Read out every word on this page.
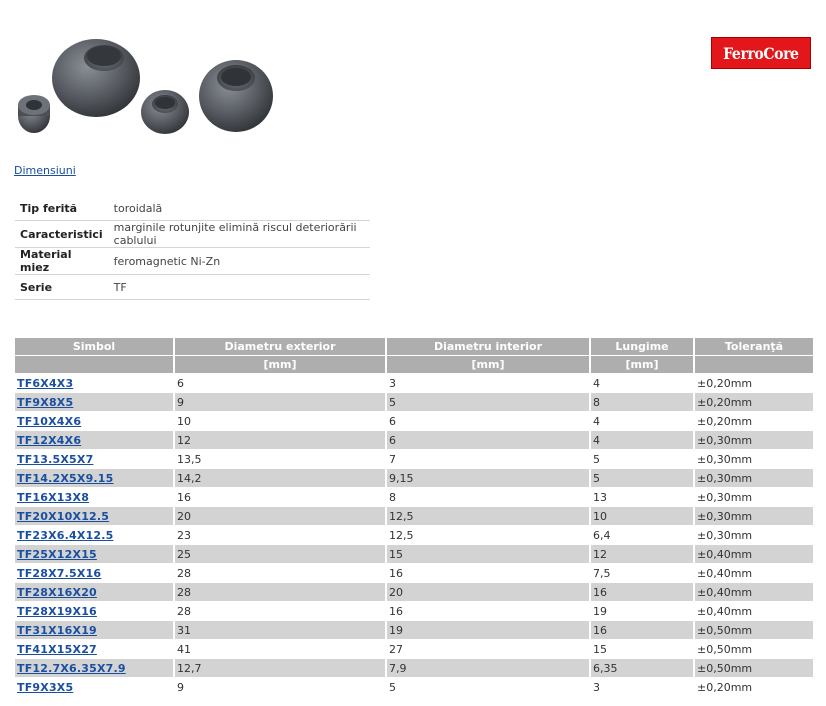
FerroCore
Dimensiuni
Tip ferită	toroidală
Caracteristici	marginile rotunjite elimină riscul deteriorării cablului
Material miez	feromagnetic Ni-Zn
Serie	TF
Simbol	Diametru exterior	Diametru interior	Lungime	Toleranţă
	[mm]	[mm]	[mm]	
TF6X4X3	6	3	4	±0,20mm
TF9X8X5	9	5	8	±0,20mm
TF10X4X6	10	6	4	±0,20mm
TF12X4X6	12	6	4	±0,30mm
TF13.5X5X7	13,5	7	5	±0,30mm
TF14.2X5X9.15	14,2	9,15	5	±0,30mm
TF16X13X8	16	8	13	±0,30mm
TF20X10X12.5	20	12,5	10	±0,30mm
TF23X6.4X12.5	23	12,5	6,4	±0,30mm
TF25X12X15	25	15	12	±0,40mm
TF28X7.5X16	28	16	7,5	±0,40mm
TF28X16X20	28	20	16	±0,40mm
TF28X19X16	28	16	19	±0,40mm
TF31X16X19	31	19	16	±0,50mm
TF41X15X27	41	27	15	±0,50mm
TF12.7X6.35X7.9	12,7	7,9	6,35	±0,50mm
TF9X3X5	9	5	3	±0,20mm
